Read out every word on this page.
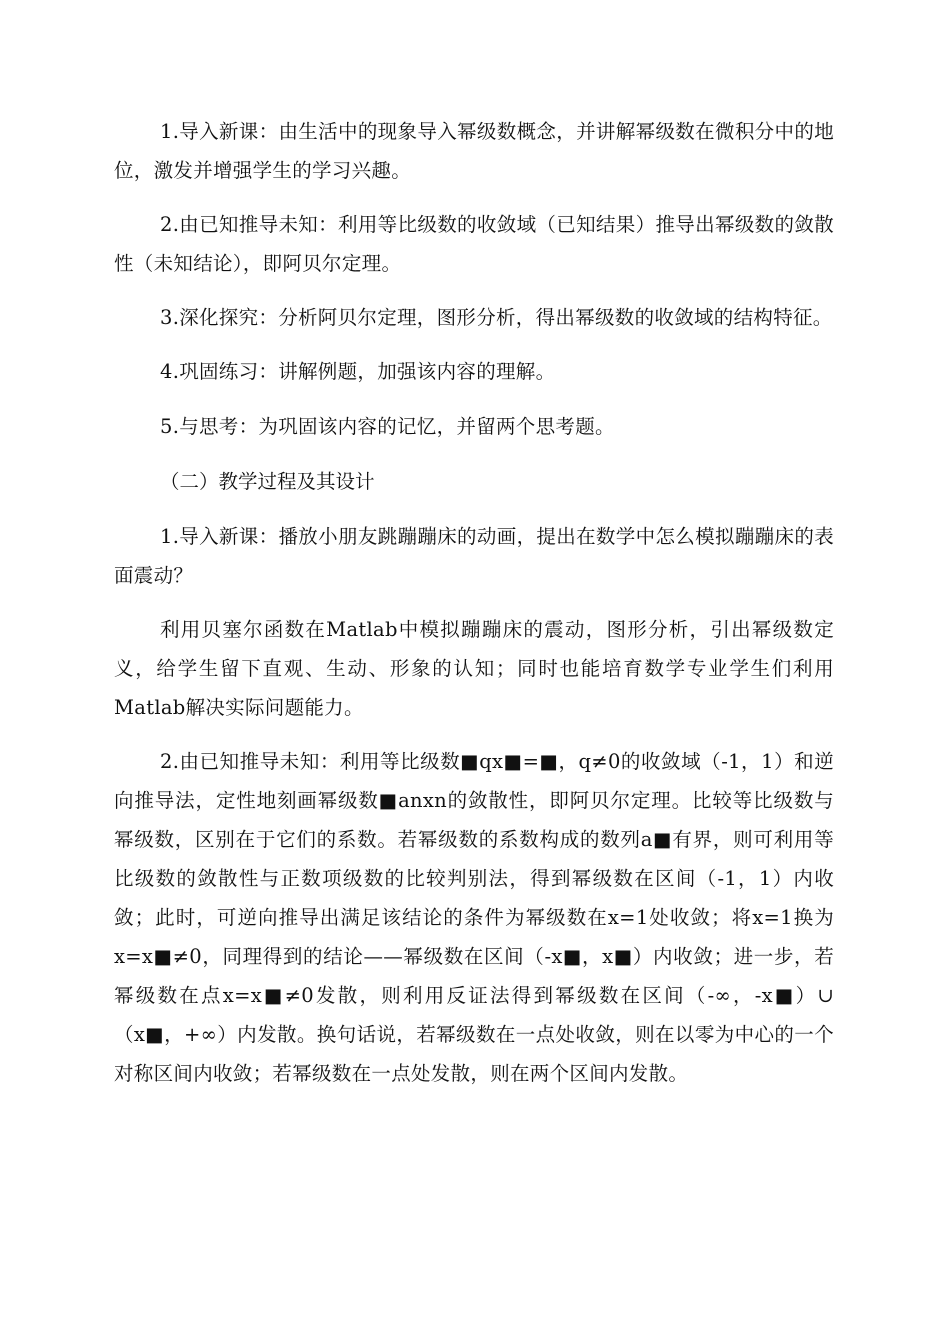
1.导入新课：由生活中的现象导入幂级数概念，并讲解幂级数在微积分中的地位，激发并增强学生的学习兴趣。

2.由已知推导未知：利用等比级数的收敛域（已知结果）推导出幂级数的敛散性（未知结论），即阿贝尔定理。

3.深化探究：分析阿贝尔定理，图形分析，得出幂级数的收敛域的结构特征。

4.巩固练习：讲解例题，加强该内容的理解。

5.与思考：为巩固该内容的记忆，并留两个思考题。

（二）教学过程及其设计

1.导入新课：播放小朋友跳蹦蹦床的动画，提出在数学中怎么模拟蹦蹦床的表面震动？

利用贝塞尔函数在Matlab中模拟蹦蹦床的震动，图形分析，引出幂级数定义，给学生留下直观、生动、形象的认知；同时也能培育数学专业学生们利用Matlab解决实际问题能力。

2.由已知推导未知：利用等比级数■qx■=■，q≠0的收敛域（-1，1）和逆向推导法，定性地刻画幂级数■anxn的敛散性，即阿贝尔定理。比较等比级数与幂级数，区别在于它们的系数。若幂级数的系数构成的数列a■有界，则可利用等比级数的敛散性与正数项级数的比较判别法，得到幂级数在区间（-1，1）内收敛；此时，可逆向推导出满足该结论的条件为幂级数在x=1处收敛；将x=1换为x=x■≠0，同理得到的结论——幂级数在区间（-x■，x■）内收敛；进一步，若幂级数在点x=x■≠0发散，则利用反证法得到幂级数在区间（-∞，-x■）∪（x■，+∞）内发散。换句话说，若幂级数在一点处收敛，则在以零为中心的一个对称区间内收敛；若幂级数在一点处发散，则在两个区间内发散。
